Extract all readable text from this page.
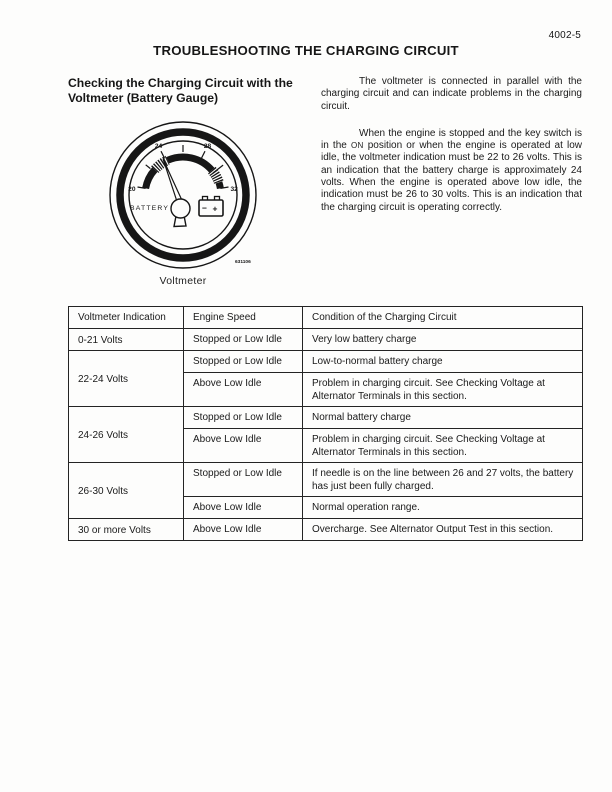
4002-5
TROUBLESHOOTING THE CHARGING CIRCUIT
Checking the Charging Circuit with the Voltmeter (Battery Gauge)
20
24	28
32
BATTERY	− +
631106
Voltmeter

The voltmeter is connected in parallel with the charging circuit and can indicate problems in the charging circuit.

When the engine is stopped and the key switch is in the ON position or when the engine is operated at low idle, the voltmeter indication must be 22 to 26 volts. This is an indication that the battery charge is approximately 24 volts. When the engine is operated above low idle, the indication must be 26 to 30 volts. This is an indication that the charging circuit is operating correctly.

Voltmeter Indication	Engine Speed	Condition of the Charging Circuit
0-21 Volts	Stopped or Low Idle	Very low battery charge
22-24 Volts	Stopped or Low Idle	Low-to-normal battery charge
	Above Low Idle	Problem in charging circuit. See Checking Voltage at Alternator Terminals in this section.
24-26 Volts	Stopped or Low Idle	Normal battery charge
	Above Low Idle	Problem in charging circuit. See Checking Voltage at Alternator Terminals in this section.
26-30 Volts	Stopped or Low Idle	If needle is on the line between 26 and 27 volts, the battery has just been fully charged.
	Above Low Idle	Normal operation range.
30 or more Volts	Above Low Idle	Overcharge. See Alternator Output Test in this section.
